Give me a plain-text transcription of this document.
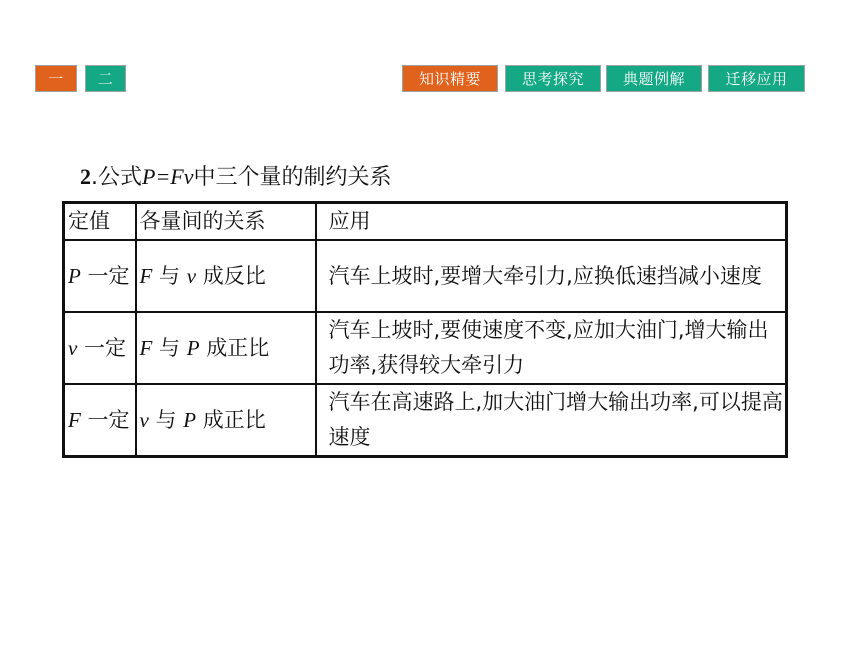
一	二	知识精要	思考探究	典题例解	迁移应用
2.公式P=Fv中三个量的制约关系
定值	各量间的关系	应用
P 一定	F 与 v 成反比	汽车上坡时,要增大牵引力,应换低速挡减小速度
v 一定	F 与 P 成正比	汽车上坡时,要使速度不变,应加大油门,增大输出功率,获得较大牵引力
F 一定	v 与 P 成正比	汽车在高速路上,加大油门增大输出功率,可以提高速度
